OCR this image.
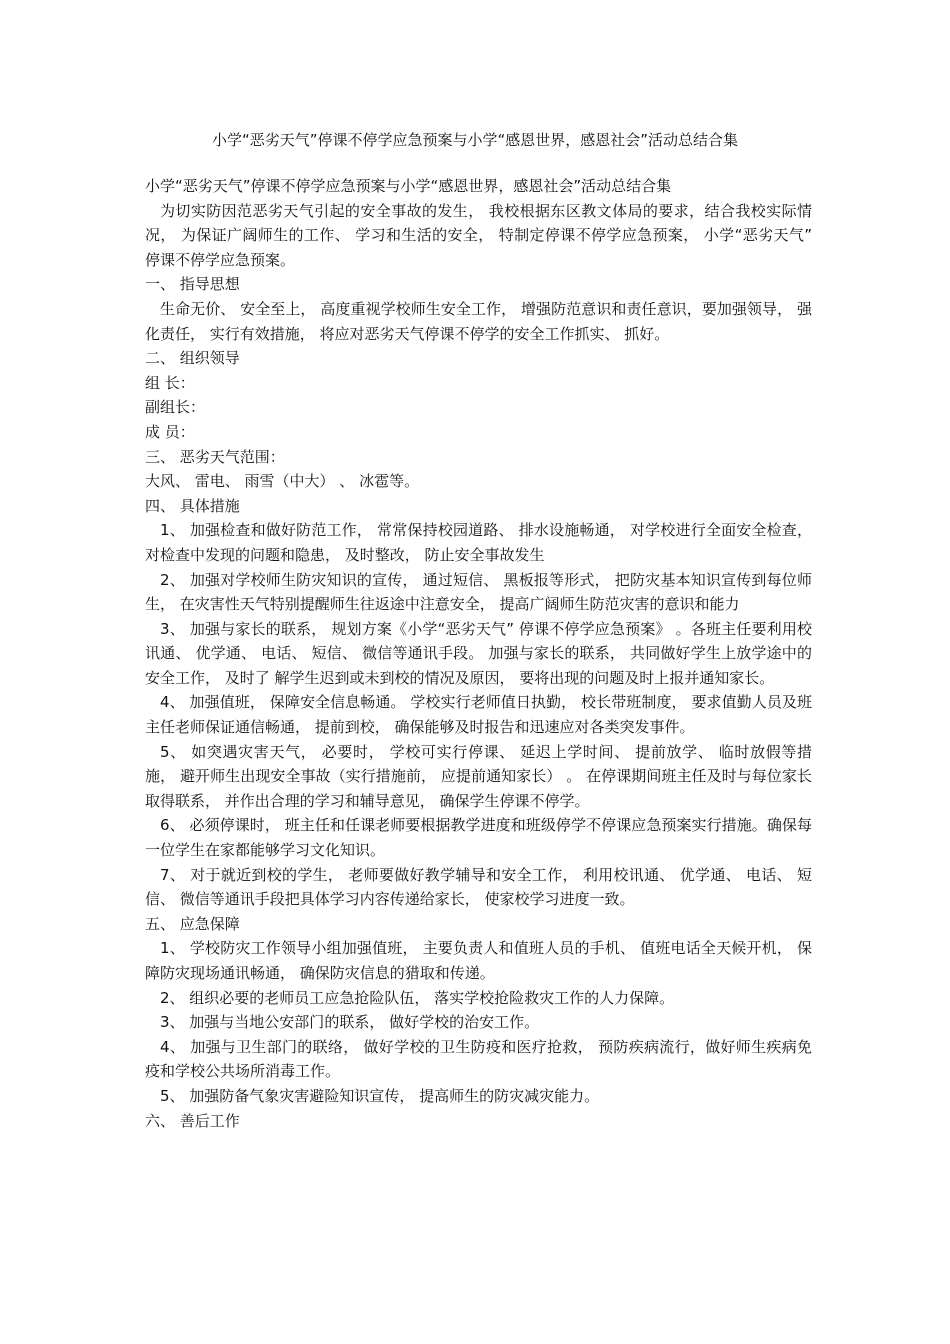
小学“恶劣天气”停课不停学应急预案与小学“感恩世界，感恩社会”活动总结合集

小学“恶劣天气”停课不停学应急预案与小学“感恩世界，感恩社会”活动总结合集

为切实防因范恶劣天气引起的安全事故的发生， 我校根据东区教文体局的要求，结合我校实际情况， 为保证广阔师生的工作、 学习和生活的安全， 特制定停课不停学应急预案， 小学“恶劣天气” 停课不停学应急预案。

一、 指导思想

生命无价、 安全至上， 高度重视学校师生安全工作， 增强防范意识和责任意识，要加强领导， 强化责任， 实行有效措施， 将应对恶劣天气停课不停学的安全工作抓实、 抓好。

二、 组织领导

组 长：

副组长：

成 员：

三、 恶劣天气范围：

大风、 雷电、 雨雪（中大） 、 冰雹等。

四、 具体措施

1、 加强检查和做好防范工作， 常常保持校园道路、 排水设施畅通， 对学校进行全面安全检查， 对检查中发现的问题和隐患， 及时整改， 防止安全事故发生

2、 加强对学校师生防灾知识的宣传， 通过短信、 黑板报等形式， 把防灾基本知识宣传到每位师生， 在灾害性天气特别提醒师生往返途中注意安全， 提高广阔师生防范灾害的意识和能力

3、 加强与家长的联系， 规划方案《小学“恶劣天气” 停课不停学应急预案》 。各班主任要利用校讯通、 优学通、 电话、 短信、 微信等通讯手段。 加强与家长的联系， 共同做好学生上放学途中的安全工作， 及时了 解学生迟到或未到校的情况及原因， 要将出现的问题及时上报并通知家长。

4、 加强值班， 保障安全信息畅通。 学校实行老师值日执勤， 校长带班制度， 要求值勤人员及班主任老师保证通信畅通， 提前到校， 确保能够及时报告和迅速应对各类突发事件。

5、 如突遇灾害天气， 必要时， 学校可实行停课、 延迟上学时间、 提前放学、 临时放假等措施， 避开师生出现安全事故（实行措施前， 应提前通知家长） 。 在停课期间班主任及时与每位家长取得联系， 并作出合理的学习和辅导意见， 确保学生停课不停学。

6、 必须停课时， 班主任和任课老师要根据教学进度和班级停学不停课应急预案实行措施。确保每一位学生在家都能够学习文化知识。

7、 对于就近到校的学生， 老师要做好教学辅导和安全工作， 利用校讯通、 优学通、 电话、 短信、 微信等通讯手段把具体学习内容传递给家长， 使家校学习进度一致。

五、 应急保障

1、 学校防灾工作领导小组加强值班， 主要负责人和值班人员的手机、 值班电话全天候开机， 保障防灾现场通讯畅通， 确保防灾信息的猎取和传递。

2、 组织必要的老师员工应急抢险队伍， 落实学校抢险救灾工作的人力保障。

3、 加强与当地公安部门的联系， 做好学校的治安工作。

4、 加强与卫生部门的联络， 做好学校的卫生防疫和医疗抢救， 预防疾病流行，做好师生疾病免疫和学校公共场所消毒工作。

5、 加强防备气象灾害避险知识宣传， 提高师生的防灾减灾能力。

六、 善后工作
